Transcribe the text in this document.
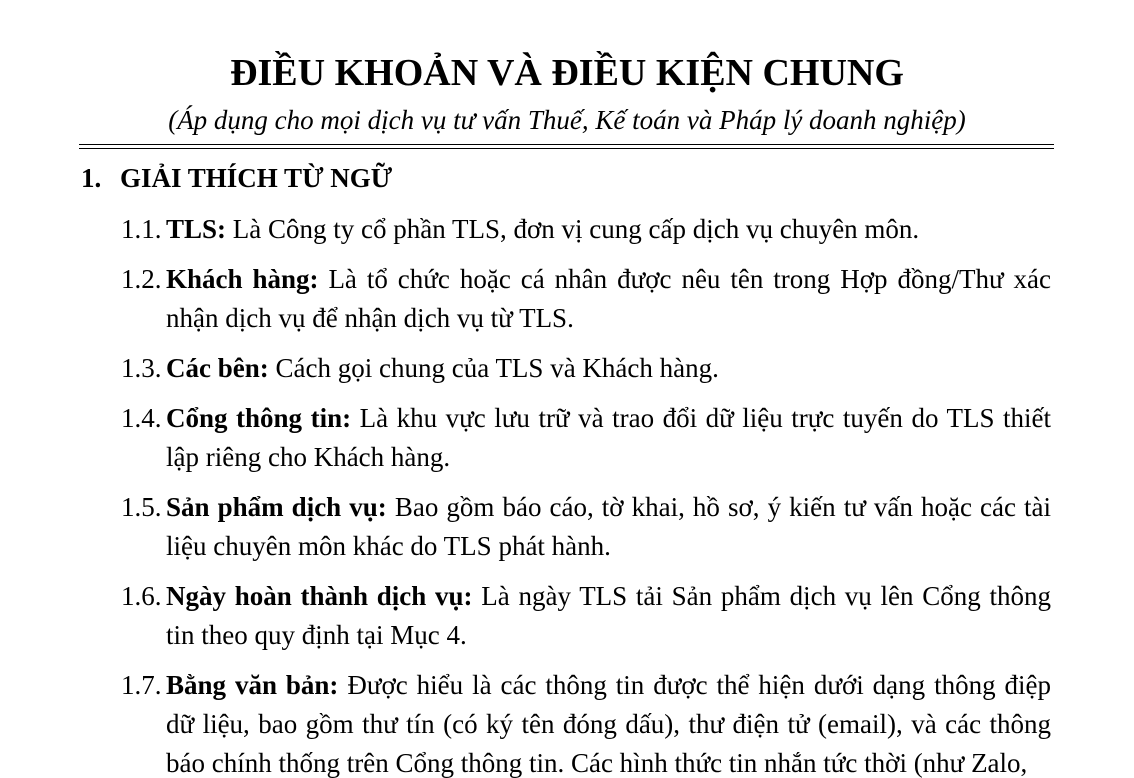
ĐIỀU KHOẢN VÀ ĐIỀU KIỆN CHUNG
(Áp dụng cho mọi dịch vụ tư vấn Thuế, Kế toán và Pháp lý doanh nghiệp)
1. GIẢI THÍCH TỪ NGỮ
1.1. TLS: Là Công ty cổ phần TLS, đơn vị cung cấp dịch vụ chuyên môn.
1.2. Khách hàng: Là tổ chức hoặc cá nhân được nêu tên trong Hợp đồng/Thư xác nhận dịch vụ để nhận dịch vụ từ TLS.
1.3. Các bên: Cách gọi chung của TLS và Khách hàng.
1.4. Cổng thông tin: Là khu vực lưu trữ và trao đổi dữ liệu trực tuyến do TLS thiết lập riêng cho Khách hàng.
1.5. Sản phẩm dịch vụ: Bao gồm báo cáo, tờ khai, hồ sơ, ý kiến tư vấn hoặc các tài liệu chuyên môn khác do TLS phát hành.
1.6. Ngày hoàn thành dịch vụ: Là ngày TLS tải Sản phẩm dịch vụ lên Cổng thông tin theo quy định tại Mục 4.
1.7. Bằng văn bản: Được hiểu là các thông tin được thể hiện dưới dạng thông điệp dữ liệu, bao gồm thư tín (có ký tên đóng dấu), thư điện tử (email), và các thông báo chính thống trên Cổng thông tin. Các hình thức tin nhắn tức thời (như Zalo,
